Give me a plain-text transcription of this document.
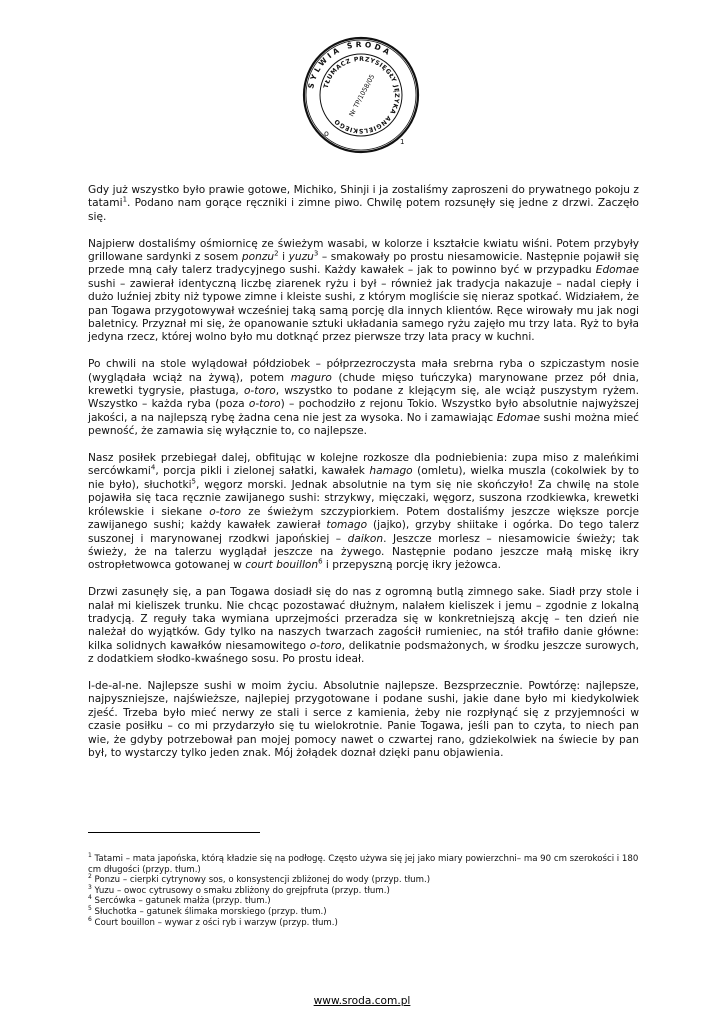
SYLWIA ŚRODA
TŁUMACZ PRZYSIĘGŁY JĘZYKA ANGIELSKIEGO
Nr TP/1058/05
ο
1

Gdy już wszystko było prawie gotowe, Michiko, Shinji i ja zostaliśmy zaproszeni do prywatnego pokoju z tatami$^1$. Podano nam gorące ręczniki i zimne piwo. Chwilę potem rozsunęły się jedne z drzwi. Zaczęło się.

Najpierw dostaliśmy ośmiornicę ze świeżym wasabi, w kolorze i kształcie kwiatu wiśni. Potem przybyły grillowane sardynki z sosem ponzu$^2$ i yuzu$^3$ – smakowały po prostu niesamowicie. Następnie pojawił się przede mną cały talerz tradycyjnego sushi. Każdy kawałek – jak to powinno być w przypadku Edomae sushi – zawierał identyczną liczbę ziarenek ryżu i był – również jak tradycja nakazuje – nadal ciepły i dużo luźniej zbity niż typowe zimne i kleiste sushi, z którym mogliście się nieraz spotkać. Widziałem, że pan Togawa przygotowywał wcześniej taką samą porcję dla innych klientów. Ręce wirowały mu jak nogi baletnicy. Przyznał mi się, że opanowanie sztuki układania samego ryżu zajęło mu trzy lata. Ryż to była jedyna rzecz, której wolno było mu dotknąć przez pierwsze trzy lata pracy w kuchni.

Po chwili na stole wylądował półdziobek – półprzezroczysta mała srebrna ryba o szpiczastym nosie (wyglądała wciąż na żywą), potem maguro (chude mięso tuńczyka) marynowane przez pół dnia, krewetki tygrysie, płastuga, o-toro, wszystko to podane z klejącym się, ale wciąż puszystym ryżem. Wszystko – każda ryba (poza o-toro) – pochodziło z rejonu Tokio. Wszystko było absolutnie najwyższej jakości, a na najlepszą rybę żadna cena nie jest za wysoka. No i zamawiając Edomae sushi można mieć pewność, że zamawia się wyłącznie to, co najlepsze.

Nasz posiłek przebiegał dalej, obfitując w kolejne rozkosze dla podniebienia: zupa miso z maleńkimi sercówkami$^4$, porcja pikli i zielonej sałatki, kawałek hamago (omletu), wielka muszla (cokolwiek by to nie było), słuchotki$^5$, węgorz morski. Jednak absolutnie na tym się nie skończyło! Za chwilę na stole pojawiła się taca ręcznie zawijanego sushi: strzykwy, mięczaki, węgorz, suszona rzodkiewka, krewetki królewskie i siekane o-toro ze świeżym szczypiorkiem. Potem dostaliśmy jeszcze większe porcje zawijanego sushi; każdy kawałek zawierał tomago (jajko), grzyby shiitake i ogórka. Do tego talerz suszonej i marynowanej rzodkwi japońskiej – daikon. Jeszcze morlesz – niesamowicie świeży; tak świeży, że na talerzu wyglądał jeszcze na żywego. Następnie podano jeszcze małą miskę ikry ostropłetwowca gotowanej w court bouillon$^6$ i przepyszną porcję ikry jeżowca.

Drzwi zasunęły się, a pan Togawa dosiadł się do nas z ogromną butlą zimnego sake. Siadł przy stole i nalał mi kieliszek trunku. Nie chcąc pozostawać dłużnym, nalałem kieliszek i jemu – zgodnie z lokalną tradycją. Z reguły taka wymiana uprzejmości przeradza się w konkretniejszą akcję – ten dzień nie należał do wyjątków. Gdy tylko na naszych twarzach zagościł rumieniec, na stół trafiło danie główne: kilka solidnych kawałków niesamowitego o-toro, delikatnie podsmażonych, w środku jeszcze surowych, z dodatkiem słodko-kwaśnego sosu. Po prostu ideał.

I-de-al-ne. Najlepsze sushi w moim życiu. Absolutnie najlepsze. Bezsprzecznie. Powtórzę: najlepsze, najpyszniejsze, najświeższe, najlepiej przygotowane i podane sushi, jakie dane było mi kiedykolwiek zjeść. Trzeba było mieć nerwy ze stali i serce z kamienia, żeby nie rozpłynąć się z przyjemności w czasie posiłku – co mi przydarzyło się tu wielokrotnie. Panie Togawa, jeśli pan to czyta, to niech pan wie, że gdyby potrzebował pan mojej pomocy nawet o czwartej rano, gdziekolwiek na świecie by pan był, to wystarczy tylko jeden znak. Mój żołądek doznał dzięki panu objawienia.

$^1$ Tatami – mata japońska, którą kładzie się na podłogę. Często używa się jej jako miary powierzchni– ma 90 cm szerokości i 180 cm długości (przyp. tłum.)
$^2$ Ponzu – cierpki cytrynowy sos, o konsystencji zbliżonej do wody (przyp. tłum.)
$^3$ Yuzu – owoc cytrusowy o smaku zbliżony do grejpfruta (przyp. tłum.)
$^4$ Sercówka – gatunek małża (przyp. tłum.)
$^5$ Słuchotka – gatunek ślimaka morskiego (przyp. tłum.)
$^6$ Court bouillon – wywar z ości ryb i warzyw (przyp. tłum.)
www.sroda.com.pl
